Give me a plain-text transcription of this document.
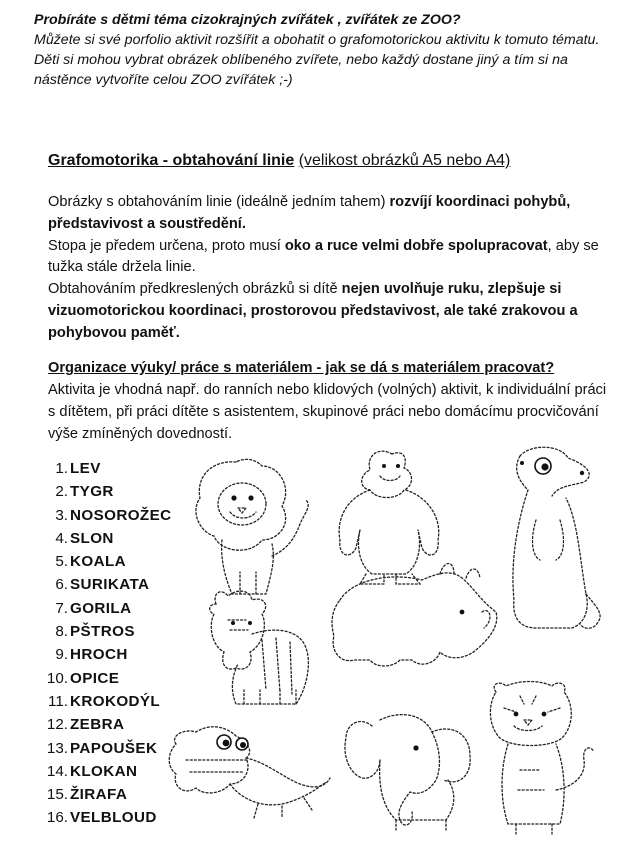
Probíráte s dětmi téma cizokrajných zvířátek , zvířátek ze ZOO?
Můžete si své porfolio aktivit rozšířit a obohatit o grafomotorickou aktivitu k tomuto tématu. Děti si mohou vybrat obrázek oblíbeného zvířete, nebo každý dostane jiný a tím si na nástěnce vytvoříte celou ZOO zvířátek ;-)
Grafomotorika - obtahování linie (velikost obrázků A5 nebo A4)

Obrázky s obtahováním linie (ideálně jedním tahem) rozvíjí koordinaci pohybů, představivost a soustředění.

Stopa je předem určena, proto musí oko a ruce velmi dobře spolupracovat, aby se tužka stále držela linie.

Obtahováním předkreslených obrázků si dítě nejen uvolňuje ruku, zlepšuje si vizuomotorickou koordinaci, prostorovou představivost, ale také zrakovou a pohybovou paměť.

Organizace výuky/ práce s materiálem - jak se dá s materiálem pracovat?
Aktivita je vhodná např. do ranních nebo klidových (volných) aktivit, k individuální práci s dítětem, při práci dítěte s asistentem, skupinové práci nebo domácímu procvičování výše zmíněných dovedností.
1. LEV
2. TYGR
3. NOSOROŽEC
4. SLON
5. KOALA
6. SURIKATA
7. GORILA
8. PŠTROS
9. HROCH
10. OPICE
11. KROKODÝL
12. ZEBRA
13. PAPOUŠEK
14. KLOKAN
15. ŽIRAFA
16. VELBLOUD
